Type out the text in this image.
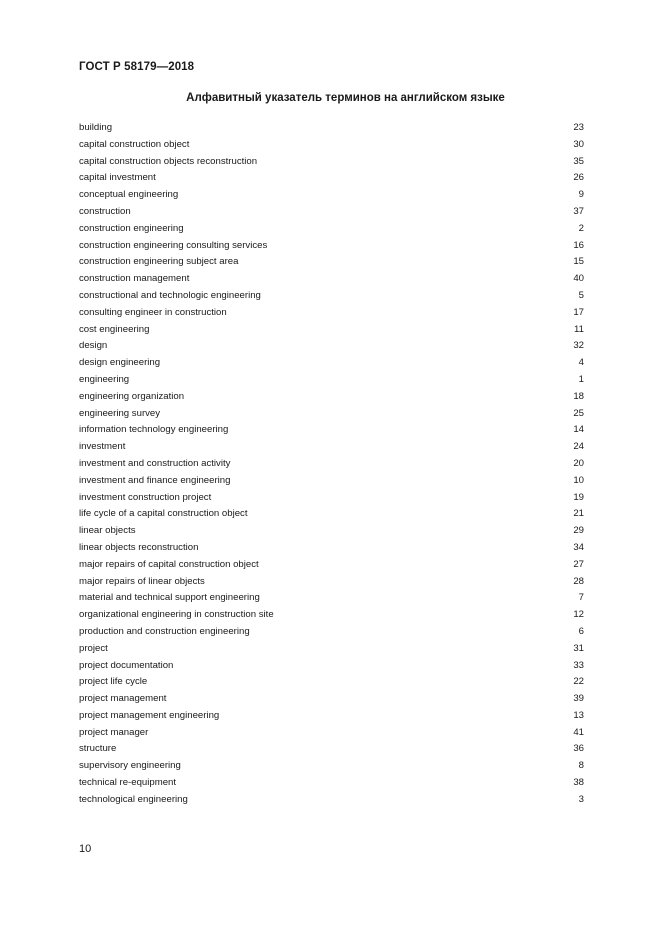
ГОСТ Р 58179—2018
Алфавитный указатель терминов на английском языке
building	23
capital construction object	30
capital construction objects reconstruction	35
capital investment	26
conceptual engineering	9
construction	37
construction engineering	2
construction engineering consulting services	16
construction engineering subject area	15
construction management	40
constructional and technologic engineering	5
consulting engineer in construction	17
cost engineering	11
design	32
design engineering	4
engineering	1
engineering organization	18
engineering survey	25
information technology engineering	14
investment	24
investment and construction activity	20
investment and finance engineering	10
investment construction project	19
life cycle of a capital construction object	21
linear objects	29
linear objects reconstruction	34
major repairs of capital construction object	27
major repairs of linear objects	28
material and technical support engineering	7
organizational engineering in construction site	12
production and construction engineering	6
project	31
project documentation	33
project life cycle	22
project management	39
project management engineering	13
project manager	41
structure	36
supervisory engineering	8
technical re-equipment	38
technological engineering	3
10
